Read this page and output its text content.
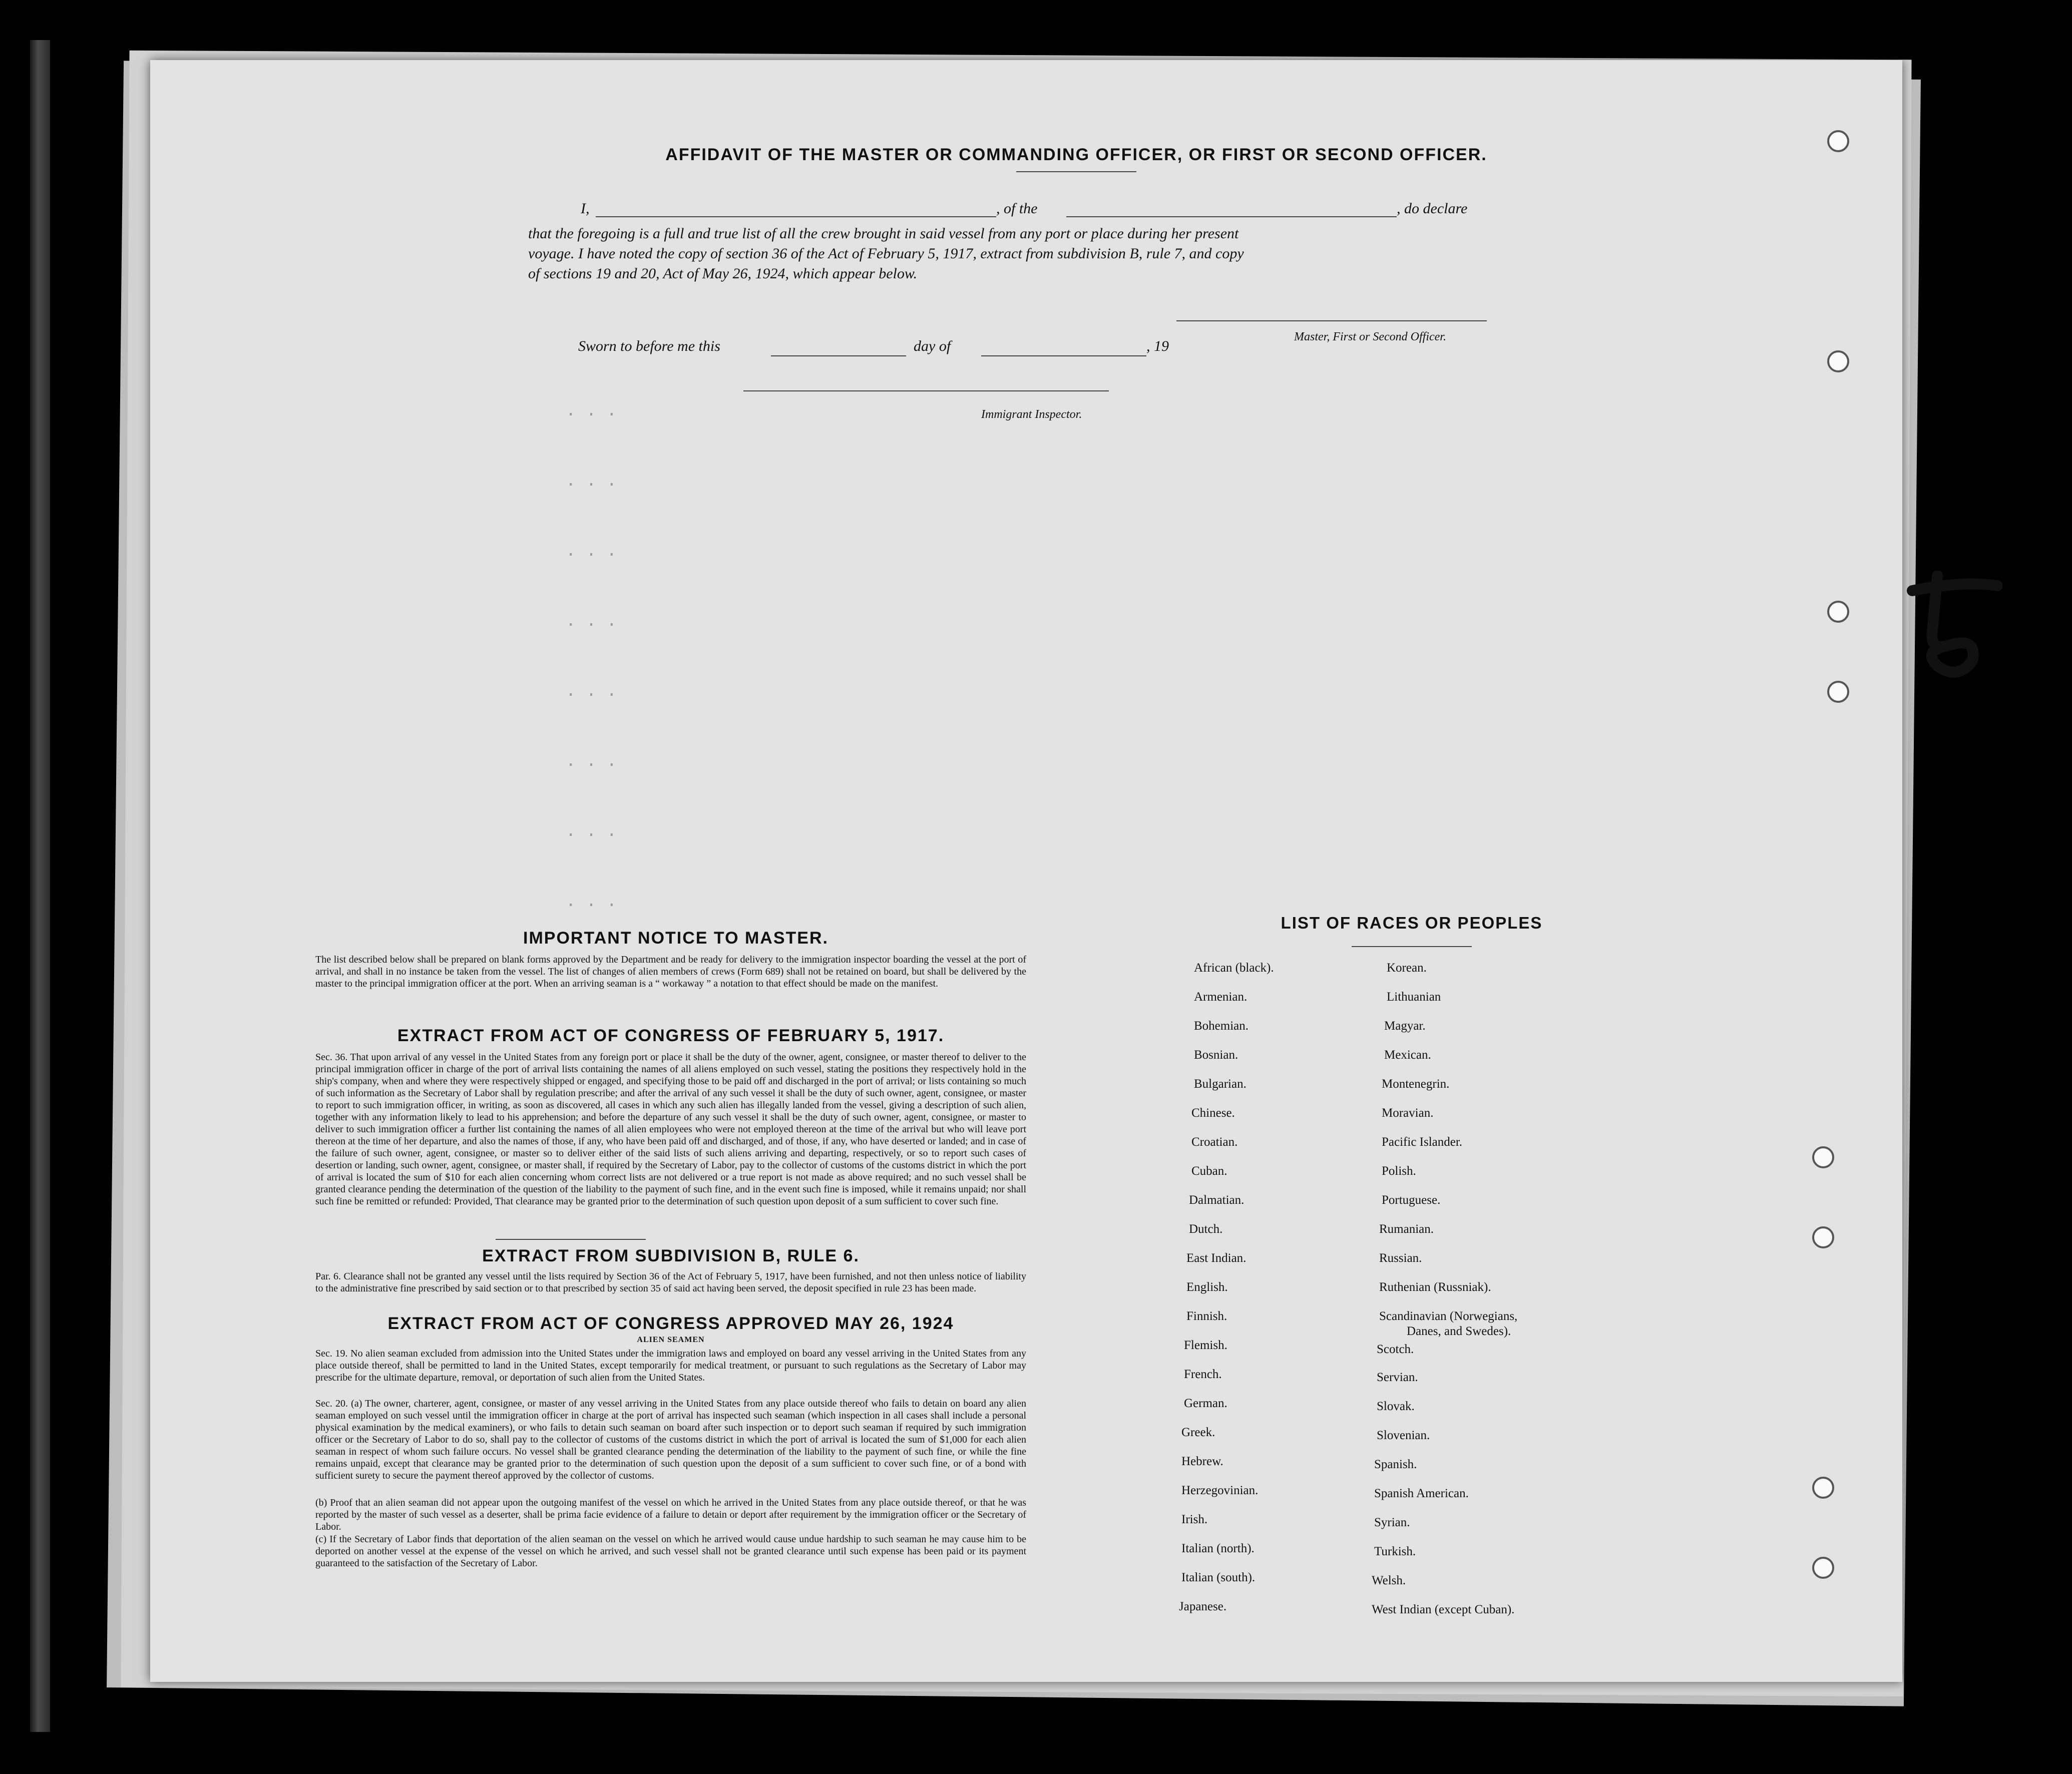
· · ·
· · ·
· · ·
· · ·
· · ·
· · ·
· · ·
· · ·
AFFIDAVIT OF THE MASTER OR COMMANDING OFFICER, OR FIRST OR SECOND OFFICER.
I,	, of the	, do declare
that the foregoing is a full and true list of all the crew brought in said vessel from any port or place during her present
voyage. I have noted the copy of section 36 of the Act of February 5, 1917, extract from subdivision B, rule 7, and copy
of sections 19 and 20, Act of May 26, 1924, which appear below.
Master, First or Second Officer.
Sworn to before me this	day of	, 19
Immigrant Inspector.
IMPORTANT NOTICE TO MASTER.
The list described below shall be prepared on blank forms approved by the Department and be ready for delivery to the immigration inspector boarding the vessel at the port of arrival, and shall in no instance be taken from the vessel. The list of changes of alien members of crews (Form 689) shall not be retained on board, but shall be delivered by the master to the principal immigration officer at the port. When an arriving seaman is a “ workaway ” a notation to that effect should be made on the manifest.
EXTRACT FROM ACT OF CONGRESS OF FEBRUARY 5, 1917.
Sec. 36. That upon arrival of any vessel in the United States from any foreign port or place it shall be the duty of the owner, agent, consignee, or master thereof to deliver to the principal immigration officer in charge of the port of arrival lists containing the names of all aliens employed on such vessel, stating the positions they respectively hold in the ship's company, when and where they were respectively shipped or engaged, and specifying those to be paid off and discharged in the port of arrival; or lists containing so much of such information as the Secretary of Labor shall by regulation prescribe; and after the arrival of any such vessel it shall be the duty of such owner, agent, consignee, or master to report to such immigration officer, in writing, as soon as discovered, all cases in which any such alien has illegally landed from the vessel, giving a description of such alien, together with any information likely to lead to his apprehension; and before the departure of any such vessel it shall be the duty of such owner, agent, consignee, or master to deliver to such immigration officer a further list containing the names of all alien employees who were not employed thereon at the time of the arrival but who will leave port thereon at the time of her departure, and also the names of those, if any, who have been paid off and discharged, and of those, if any, who have deserted or landed; and in case of the failure of such owner, agent, consignee, or master so to deliver either of the said lists of such aliens arriving and departing, respectively, or so to report such cases of desertion or landing, such owner, agent, consignee, or master shall, if required by the Secretary of Labor, pay to the collector of customs of the customs district in which the port of arrival is located the sum of $10 for each alien concerning whom correct lists are not delivered or a true report is not made as above required; and no such vessel shall be granted clearance pending the determination of the question of the liability to the payment of such fine, and in the event such fine is imposed, while it remains unpaid; nor shall such fine be remitted or refunded: Provided, That clearance may be granted prior to the determination of such question upon deposit of a sum sufficient to cover such fine.
EXTRACT FROM SUBDIVISION B, RULE 6.
Par. 6. Clearance shall not be granted any vessel until the lists required by Section 36 of the Act of February 5, 1917, have been furnished, and not then unless notice of liability to the administrative fine prescribed by said section or to that prescribed by section 35 of said act having been served, the deposit specified in rule 23 has been made.
EXTRACT FROM ACT OF CONGRESS APPROVED MAY 26, 1924
ALIEN SEAMEN
Sec. 19. No alien seaman excluded from admission into the United States under the immigration laws and employed on board any vessel arriving in the United States from any place outside thereof, shall be permitted to land in the United States, except temporarily for medical treatment, or pursuant to such regulations as the Secretary of Labor may prescribe for the ultimate departure, removal, or deportation of such alien from the United States.
Sec. 20. (a) The owner, charterer, agent, consignee, or master of any vessel arriving in the United States from any place outside thereof who fails to detain on board any alien seaman employed on such vessel until the immigration officer in charge at the port of arrival has inspected such seaman (which inspection in all cases shall include a personal physical examination by the medical examiners), or who fails to detain such seaman on board after such inspection or to deport such seaman if required by such immigration officer or the Secretary of Labor to do so, shall pay to the collector of customs of the customs district in which the port of arrival is located the sum of $1,000 for each alien seaman in respect of whom such failure occurs. No vessel shall be granted clearance pending the determination of the liability to the payment of such fine, or while the fine remains unpaid, except that clearance may be granted prior to the determination of such question upon the deposit of a sum sufficient to cover such fine, or of a bond with sufficient surety to secure the payment thereof approved by the collector of customs.
(b) Proof that an alien seaman did not appear upon the outgoing manifest of the vessel on which he arrived in the United States from any place outside thereof, or that he was reported by the master of such vessel as a deserter, shall be prima facie evidence of a failure to detain or deport after requirement by the immigration officer or the Secretary of Labor.
(c) If the Secretary of Labor finds that deportation of the alien seaman on the vessel on which he arrived would cause undue hardship to such seaman he may cause him to be deported on another vessel at the expense of the vessel on which he arrived, and such vessel shall not be granted clearance until such expense has been paid or its payment guaranteed to the satisfaction of the Secretary of Labor.
LIST OF RACES OR PEOPLES
African (black).
Armenian.
Bohemian.
Bosnian.
Bulgarian.
Chinese.
Croatian.
Cuban.
Dalmatian.
Dutch.
East Indian.
English.
Finnish.
Flemish.
French.
German.
Greek.
Hebrew.
Herzegovinian.
Irish.
Italian (north).
Italian (south).
Japanese.
Korean.
Lithuanian
Magyar.
Mexican.
Montenegrin.
Moravian.
Pacific Islander.
Polish.
Portuguese.
Rumanian.
Russian.
Ruthenian (Russniak).
Scandinavian (Norwegians,
Danes, and Swedes).
Scotch.
Servian.
Slovak.
Slovenian.
Spanish.
Spanish American.
Syrian.
Turkish.
Welsh.
West Indian (except Cuban).
